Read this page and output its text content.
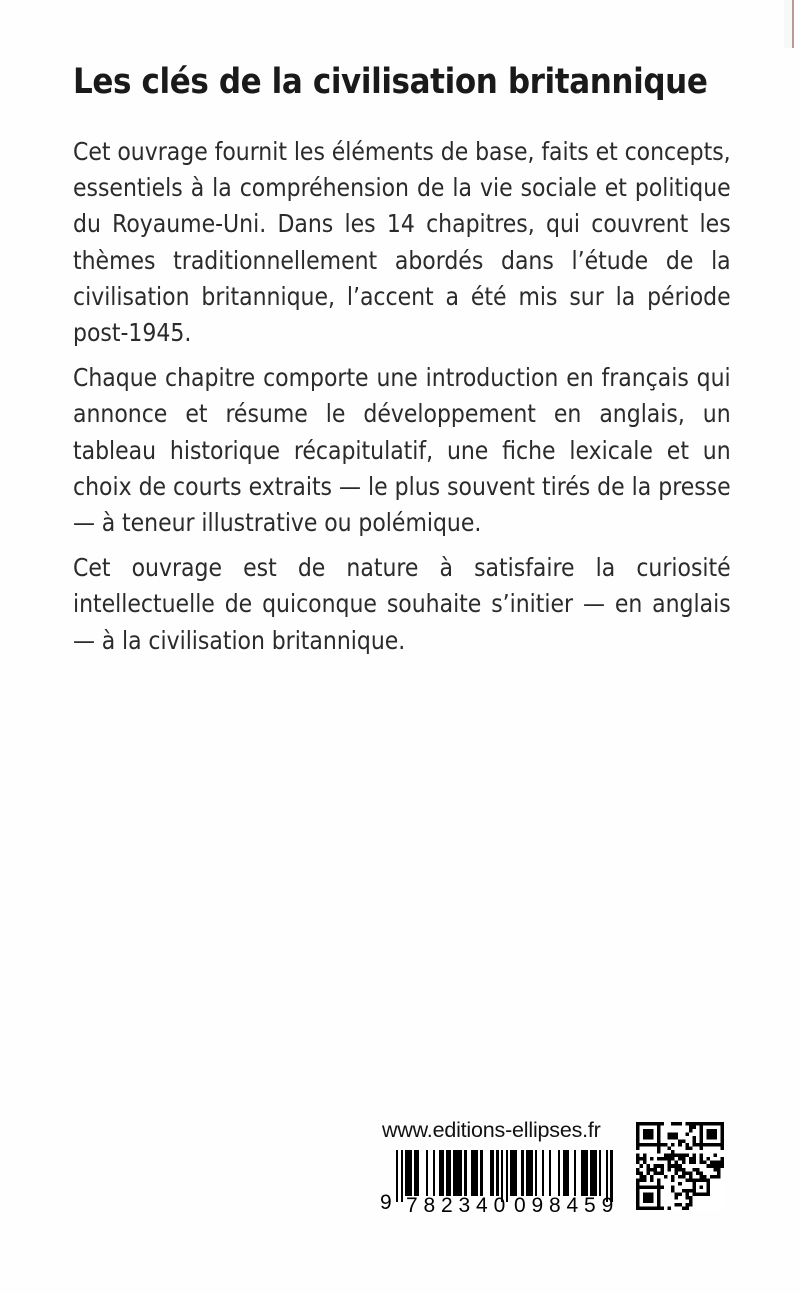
Les clés de la civilisation britannique

Cet ouvrage fournit les éléments de base, faits et concepts, essentiels à la compréhension de la vie sociale et politique du Royaume-Uni. Dans les 14 chapitres, qui couvrent les thèmes traditionnellement abordés dans l’étude de la civilisation britannique, l’accent a été mis sur la période post-1945.

Chaque chapitre comporte une introduction en français qui annonce et résume le développement en anglais, un tableau historique récapitulatif, une fiche lexicale et un choix de courts extraits — le plus souvent tirés de la presse — à teneur illustrative ou polémique.

Cet ouvrage est de nature à satisfaire la curiosité intellectuelle de quiconque souhaite s’initier — en anglais — à la civilisation britannique.

www.editions-ellipses.fr
9 7 8 2 3 4 0 0 9 8 4 5 9
